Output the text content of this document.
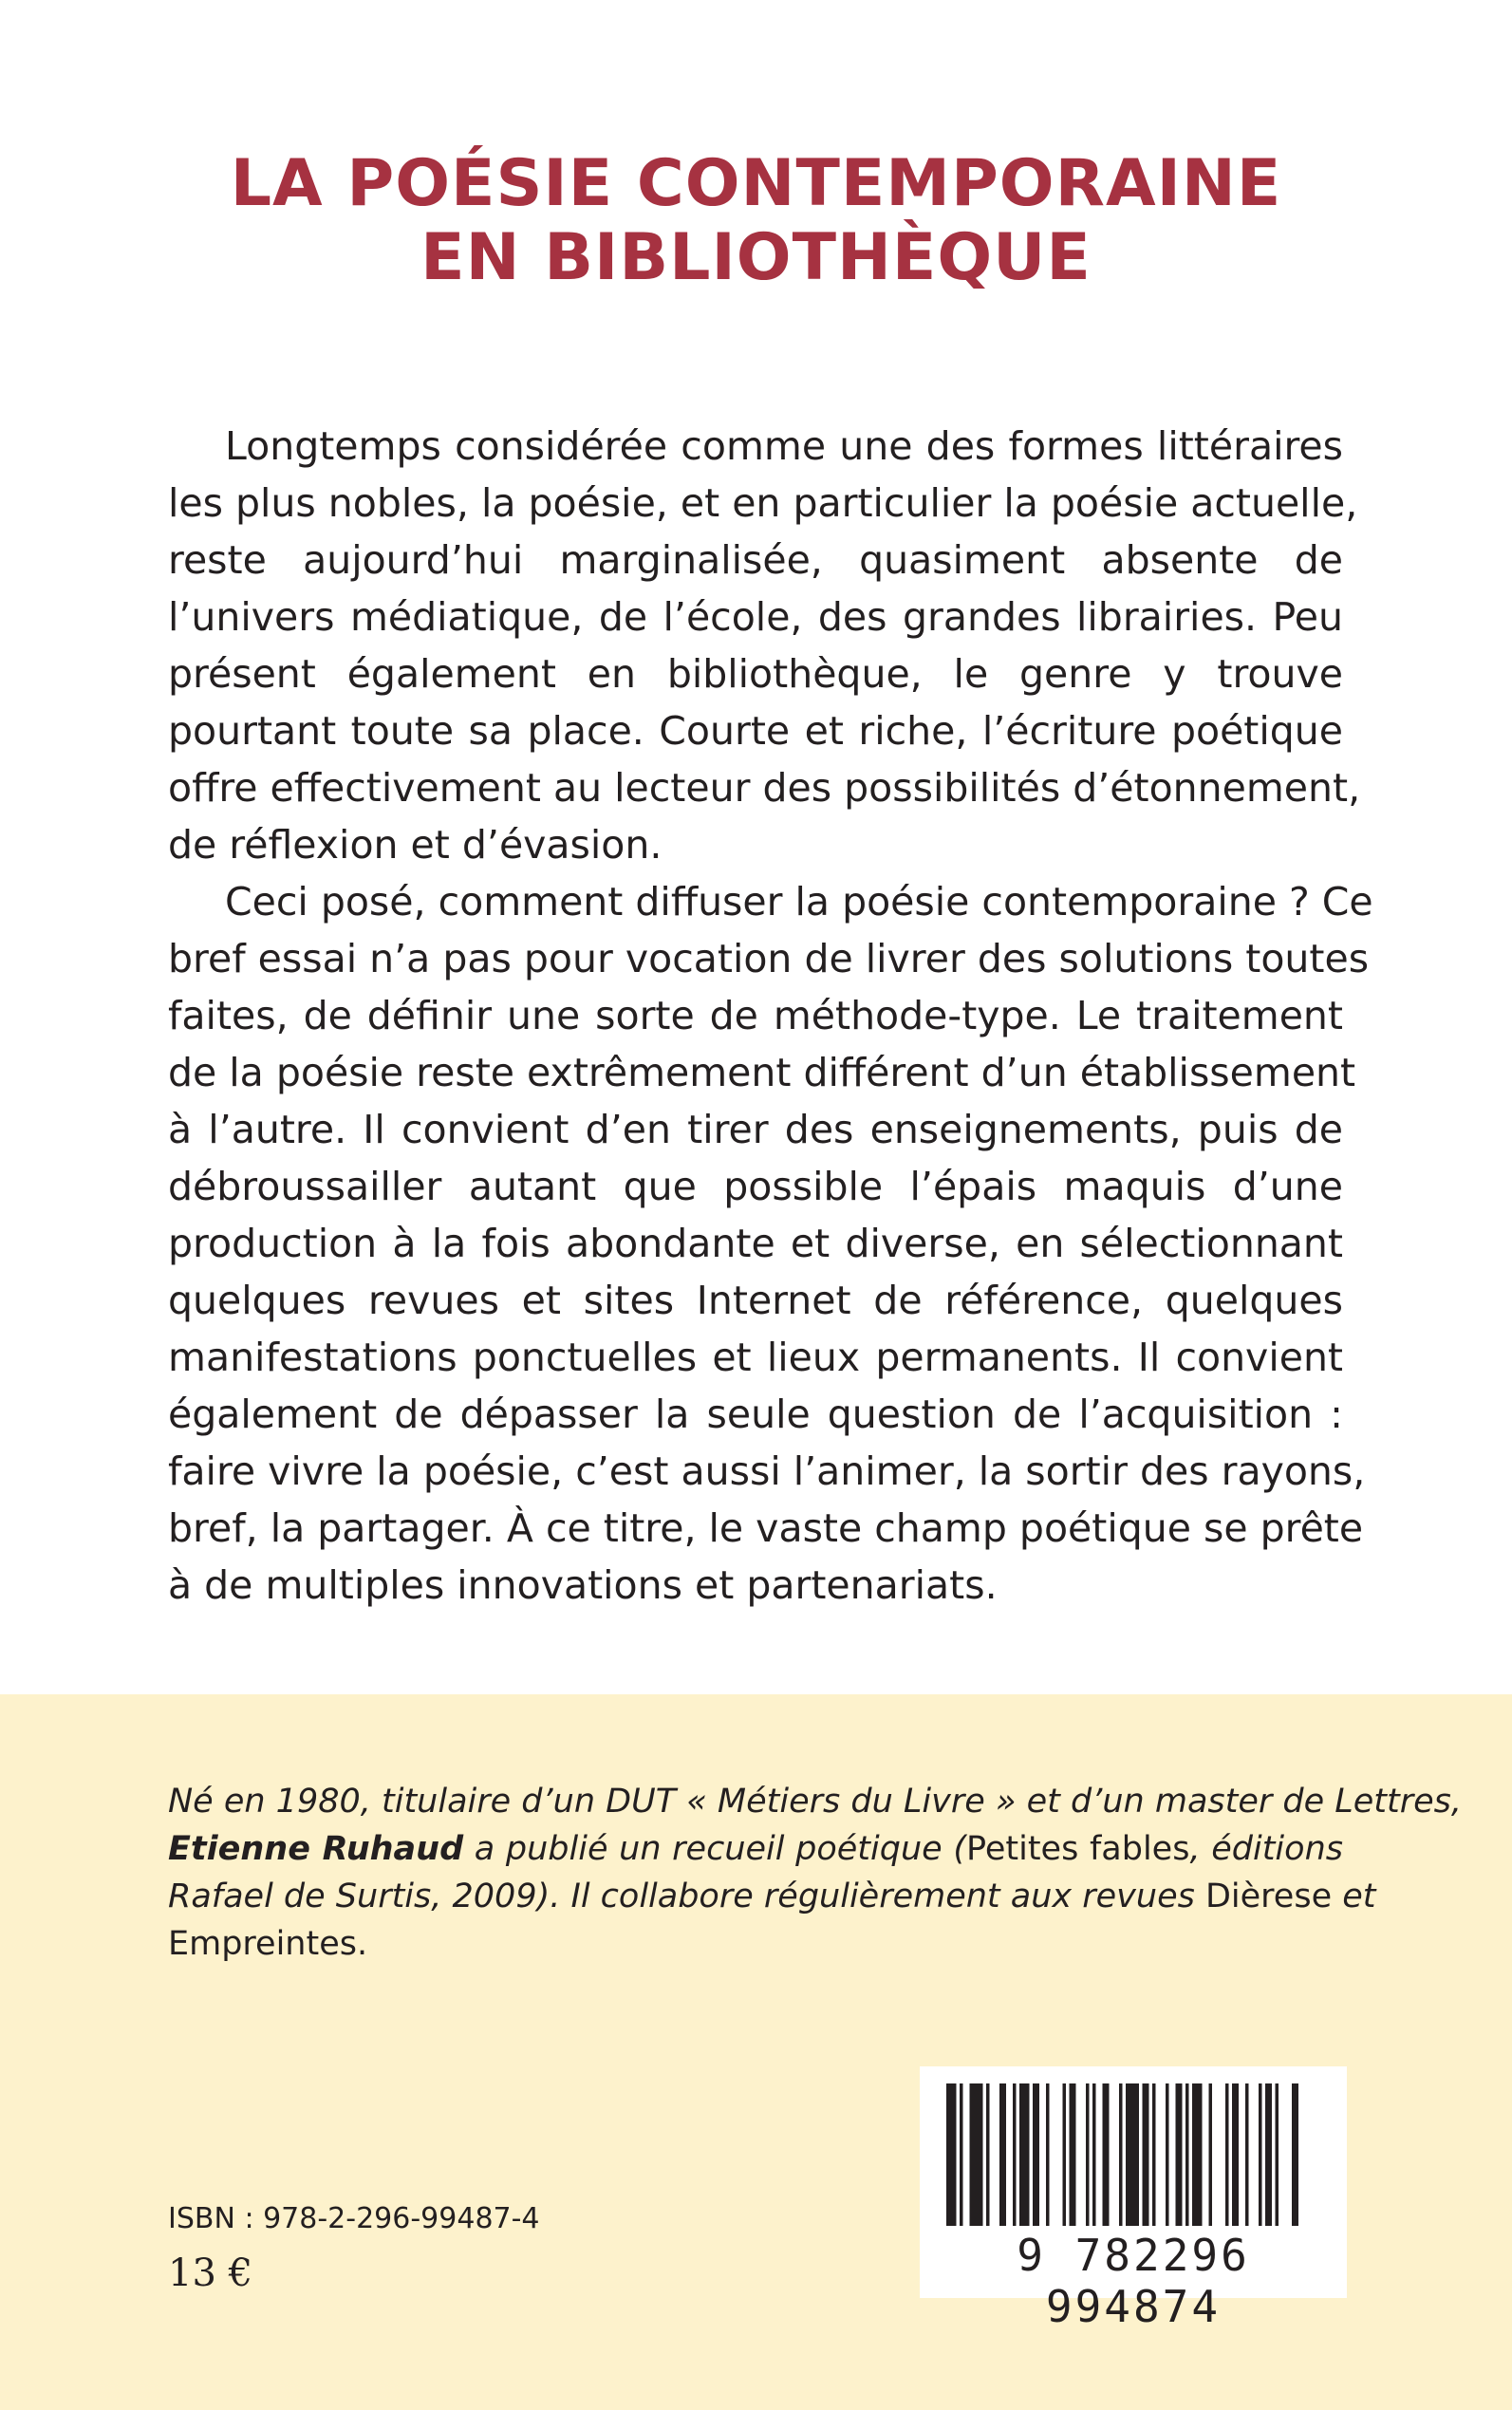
LA POÉSIE CONTEMPORAINE
EN BIBLIOTHÈQUE
Longtemps considérée comme une des formes littéraires
les plus nobles, la poésie, et en particulier la poésie actuelle,
reste aujourd’hui marginalisée, quasiment absente de
l’univers médiatique, de l’école, des grandes librairies. Peu
présent également en bibliothèque, le genre y trouve
pourtant toute sa place. Courte et riche, l’écriture poétique
offre effectivement au lecteur des possibilités d’étonnement,
de réflexion et d’évasion.
Ceci posé, comment diffuser la poésie contemporaine ? Ce
bref essai n’a pas pour vocation de livrer des solutions toutes
faites, de définir une sorte de méthode-type. Le traitement
de la poésie reste extrêmement différent d’un établissement
à l’autre. Il convient d’en tirer des enseignements, puis de
débroussailler autant que possible l’épais maquis d’une
production à la fois abondante et diverse, en sélectionnant
quelques revues et sites Internet de référence, quelques
manifestations ponctuelles et lieux permanents. Il convient
également de dépasser la seule question de l’acquisition :
faire vivre la poésie, c’est aussi l’animer, la sortir des rayons,
bref, la partager. À ce titre, le vaste champ poétique se prête
à de multiples innovations et partenariats.
Né en 1980, titulaire d’un DUT « Métiers du Livre » et d’un master de Lettres,
Etienne Ruhaud a publié un recueil poétique (Petites fables, éditions
Rafael de Surtis, 2009). Il collabore régulièrement aux revues Dièrese et
Empreintes.
ISBN : 978-2-296-99487-4
13 €	9 782296 994874
